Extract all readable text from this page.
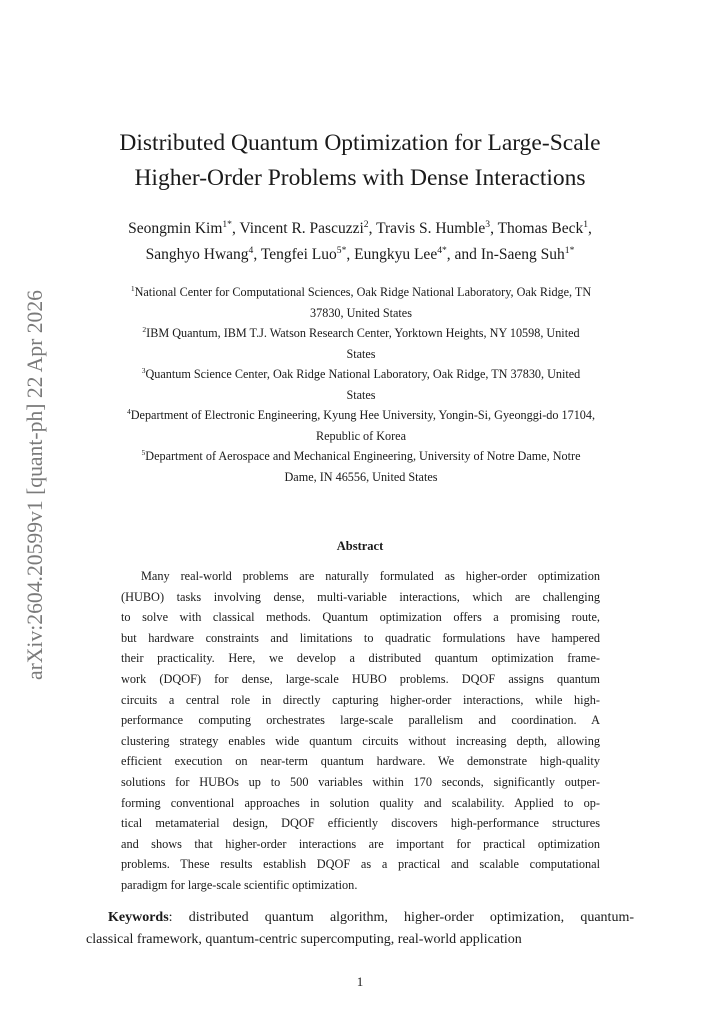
arXiv:2604.20599v1 [quant-ph] 22 Apr 2026
Distributed Quantum Optimization for Large-Scale
Higher-Order Problems with Dense Interactions
Seongmin Kim$^{1*}$, Vincent R. Pascuzzi$^2$, Travis S. Humble$^3$, Thomas Beck$^1$,
Sanghyo Hwang$^4$, Tengfei Luo$^{5*}$, Eungkyu Lee$^{4*}$, and In-Saeng Suh$^{1*}$

$^1$National Center for Computational Sciences, Oak Ridge National Laboratory, Oak Ridge, TN
37830, United States

$^2$IBM Quantum, IBM T.J. Watson Research Center, Yorktown Heights, NY 10598, United
States

$^3$Quantum Science Center, Oak Ridge National Laboratory, Oak Ridge, TN 37830, United
States

$^4$Department of Electronic Engineering, Kyung Hee University, Yongin-Si, Gyeonggi-do 17104,
Republic of Korea

$^5$Department of Aerospace and Mechanical Engineering, University of Notre Dame, Notre
Dame, IN 46556, United States

Abstract
Many real-world problems are naturally formulated as higher-order optimization
(HUBO) tasks involving dense, multi-variable interactions, which are challenging
to solve with classical methods. Quantum optimization offers a promising route,
but hardware constraints and limitations to quadratic formulations have hampered
their practicality. Here, we develop a distributed quantum optimization frame-
work (DQOF) for dense, large-scale HUBO problems. DQOF assigns quantum
circuits a central role in directly capturing higher-order interactions, while high-
performance computing orchestrates large-scale parallelism and coordination. A
clustering strategy enables wide quantum circuits without increasing depth, allowing
efficient execution on near-term quantum hardware. We demonstrate high-quality
solutions for HUBOs up to 500 variables within 170 seconds, significantly outper-
forming conventional approaches in solution quality and scalability. Applied to op-
tical metamaterial design, DQOF efficiently discovers high-performance structures
and shows that higher-order interactions are important for practical optimization
problems. These results establish DQOF as a practical and scalable computational
paradigm for large-scale scientific optimization.
Keywords: distributed quantum algorithm, higher-order optimization, quantum-
classical framework, quantum-centric supercomputing, real-world application
1
